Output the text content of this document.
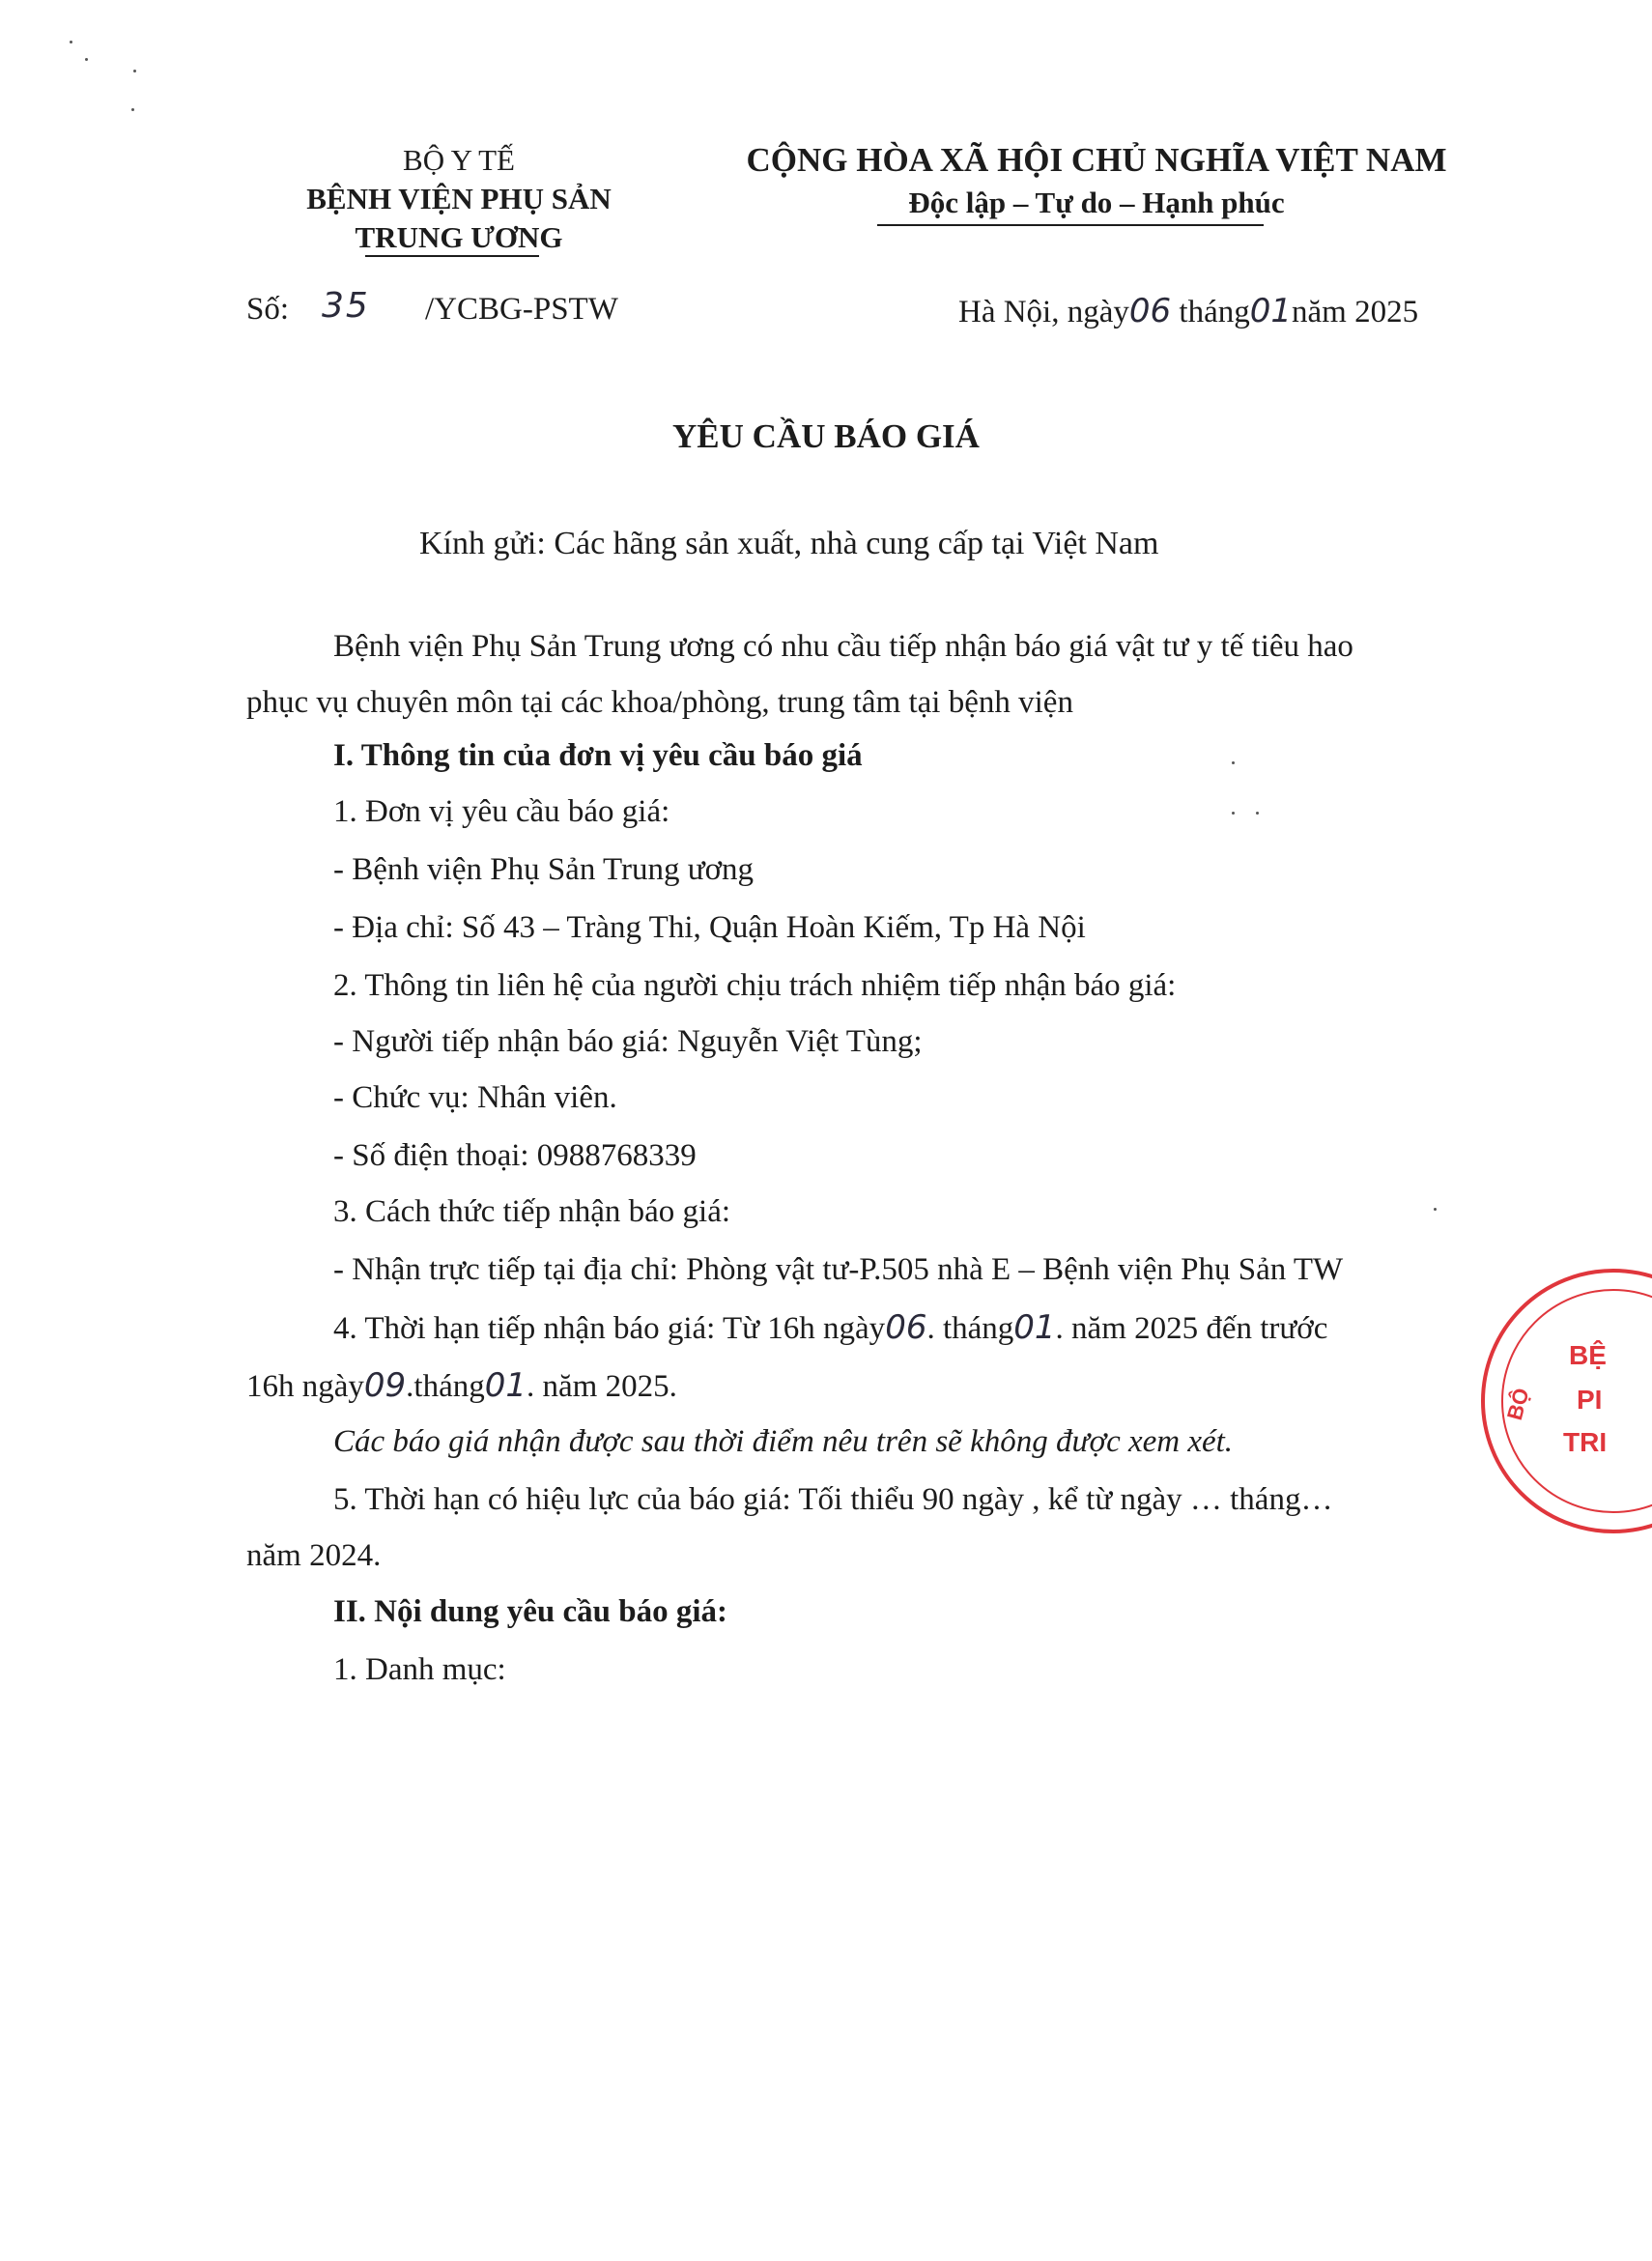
BỘ Y TẾ
BỆNH VIỆN PHỤ SẢN
TRUNG ƯƠNG
CỘNG HÒA XÃ HỘI CHỦ NGHĨA VIỆT NAM
Độc lập – Tự do – Hạnh phúc
Số: 35 /YCBG-PSTW	Hà Nội, ngày06 tháng01năm 2025
YÊU CẦU BÁO GIÁ
Kính gửi: Các hãng sản xuất, nhà cung cấp tại Việt Nam
Bệnh viện Phụ Sản Trung ương có nhu cầu tiếp nhận báo giá vật tư y tế tiêu hao phục vụ chuyên môn tại các khoa/phòng, trung tâm tại bệnh viện
I. Thông tin của đơn vị yêu cầu báo giá
1. Đơn vị yêu cầu báo giá:
- Bệnh viện Phụ Sản Trung ương
- Địa chỉ: Số 43 – Tràng Thi, Quận Hoàn Kiếm, Tp Hà Nội
2. Thông tin liên hệ của người chịu trách nhiệm tiếp nhận báo giá:
- Người tiếp nhận báo giá: Nguyễn Việt Tùng;
- Chức vụ: Nhân viên.
- Số điện thoại: 0988768339
3. Cách thức tiếp nhận báo giá:
- Nhận trực tiếp tại địa chỉ: Phòng vật tư-P.505 nhà E – Bệnh viện Phụ Sản TW
4. Thời hạn tiếp nhận báo giá: Từ 16h ngày06. tháng01. năm 2025 đến trước
16h ngày09.tháng01. năm 2025.
Các báo giá nhận được sau thời điểm nêu trên sẽ không được xem xét.
5. Thời hạn có hiệu lực của báo giá: Tối thiểu 90 ngày , kể từ ngày … tháng…
năm 2024.
II. Nội dung yêu cầu báo giá:
1. Danh mục:
BỆ
PI
TRI
BỘ
